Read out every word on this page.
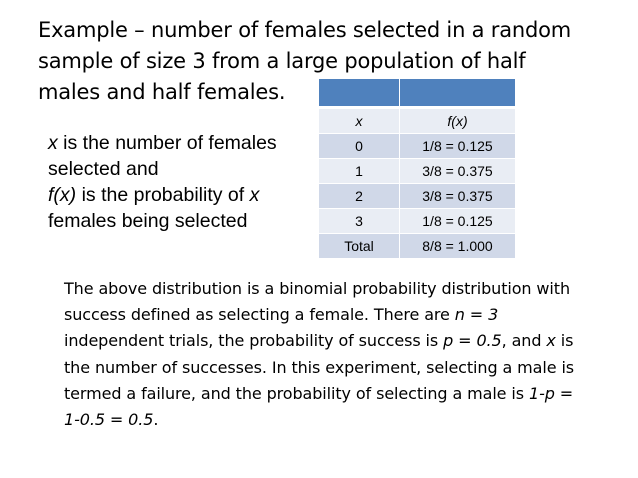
Example – number of females selected in a random sample of size 3 from a large population of half males and half females.
x is the number of females selected and
f(x) is the probability of x females being selected

x	f(x)
0	1/8 = 0.125
1	3/8 = 0.375
2	3/8 = 0.375
3	1/8 = 0.125
Total	8/8 = 1.000
The above distribution is a binomial probability distribution with success defined as selecting a female. There are n = 3 independent trials, the probability of success is p = 0.5, and x is the number of successes. In this experiment, selecting a male is termed a failure, and the probability of selecting a male is 1-p = 1-0.5 = 0.5.
